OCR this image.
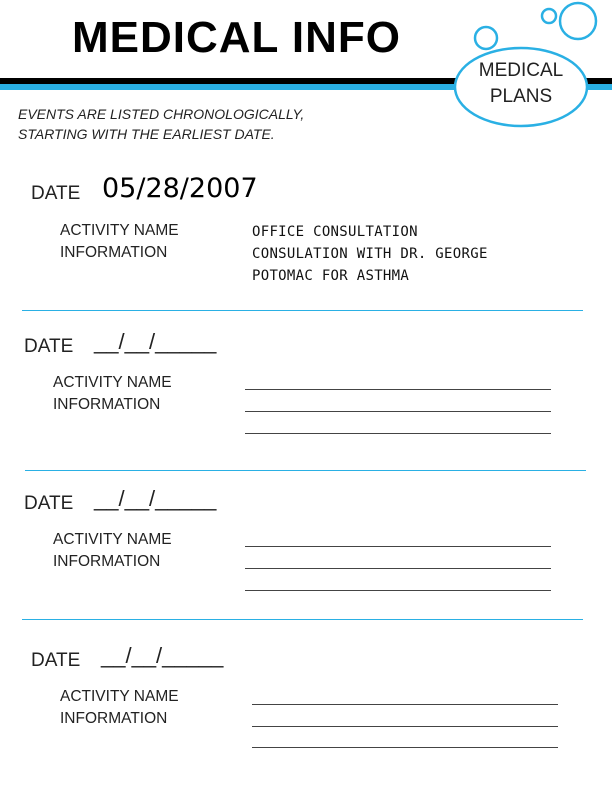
MEDICAL INFO
MEDICAL
PLANS
EVENTS ARE LISTED CHRONOLOGICALLY,
STARTING WITH THE EARLIEST DATE.
DATE 05/28/2007
ACTIVITY NAME
INFORMATION
OFFICE CONSULTATION
CONSULATION WITH DR. GEORGE
POTOMAC FOR ASTHMA
DATE __/__/_____
ACTIVITY NAME
INFORMATION
DATE __/__/_____
ACTIVITY NAME
INFORMATION
DATE __/__/_____
ACTIVITY NAME
INFORMATION
